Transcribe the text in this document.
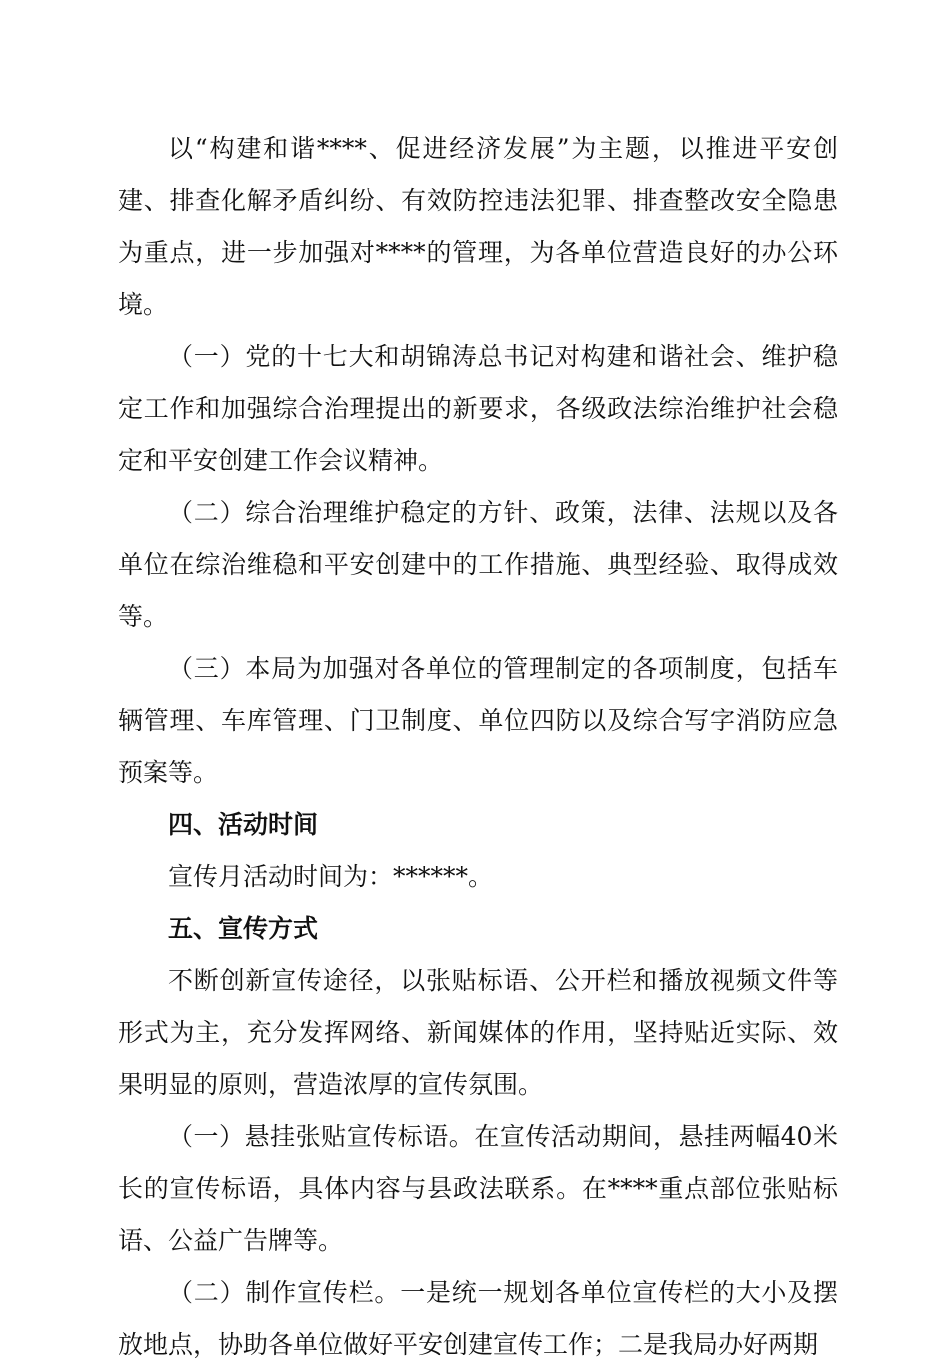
以“构建和谐****、促进经济发展”为主题，以推进平安创建、排查化解矛盾纠纷、有效防控违法犯罪、排查整改安全隐患为重点，进一步加强对****的管理，为各单位营造良好的办公环境。

（一）党的十七大和胡锦涛总书记对构建和谐社会、维护稳定工作和加强综合治理提出的新要求，各级政法综治维护社会稳定和平安创建工作会议精神。

（二）综合治理维护稳定的方针、政策，法律、法规以及各单位在综治维稳和平安创建中的工作措施、典型经验、取得成效等。

（三）本局为加强对各单位的管理制定的各项制度，包括车辆管理、车库管理、门卫制度、单位四防以及综合写字消防应急预案等。

四、活动时间

宣传月活动时间为：******。

五、宣传方式

不断创新宣传途径，以张贴标语、公开栏和播放视频文件等形式为主，充分发挥网络、新闻媒体的作用，坚持贴近实际、效果明显的原则，营造浓厚的宣传氛围。

（一）悬挂张贴宣传标语。在宣传活动期间，悬挂两幅40米长的宣传标语，具体内容与县政法联系。在****重点部位张贴标语、公益广告牌等。

（二）制作宣传栏。一是统一规划各单位宣传栏的大小及摆放地点，协助各单位做好平安创建宣传工作；二是我局办好两期
